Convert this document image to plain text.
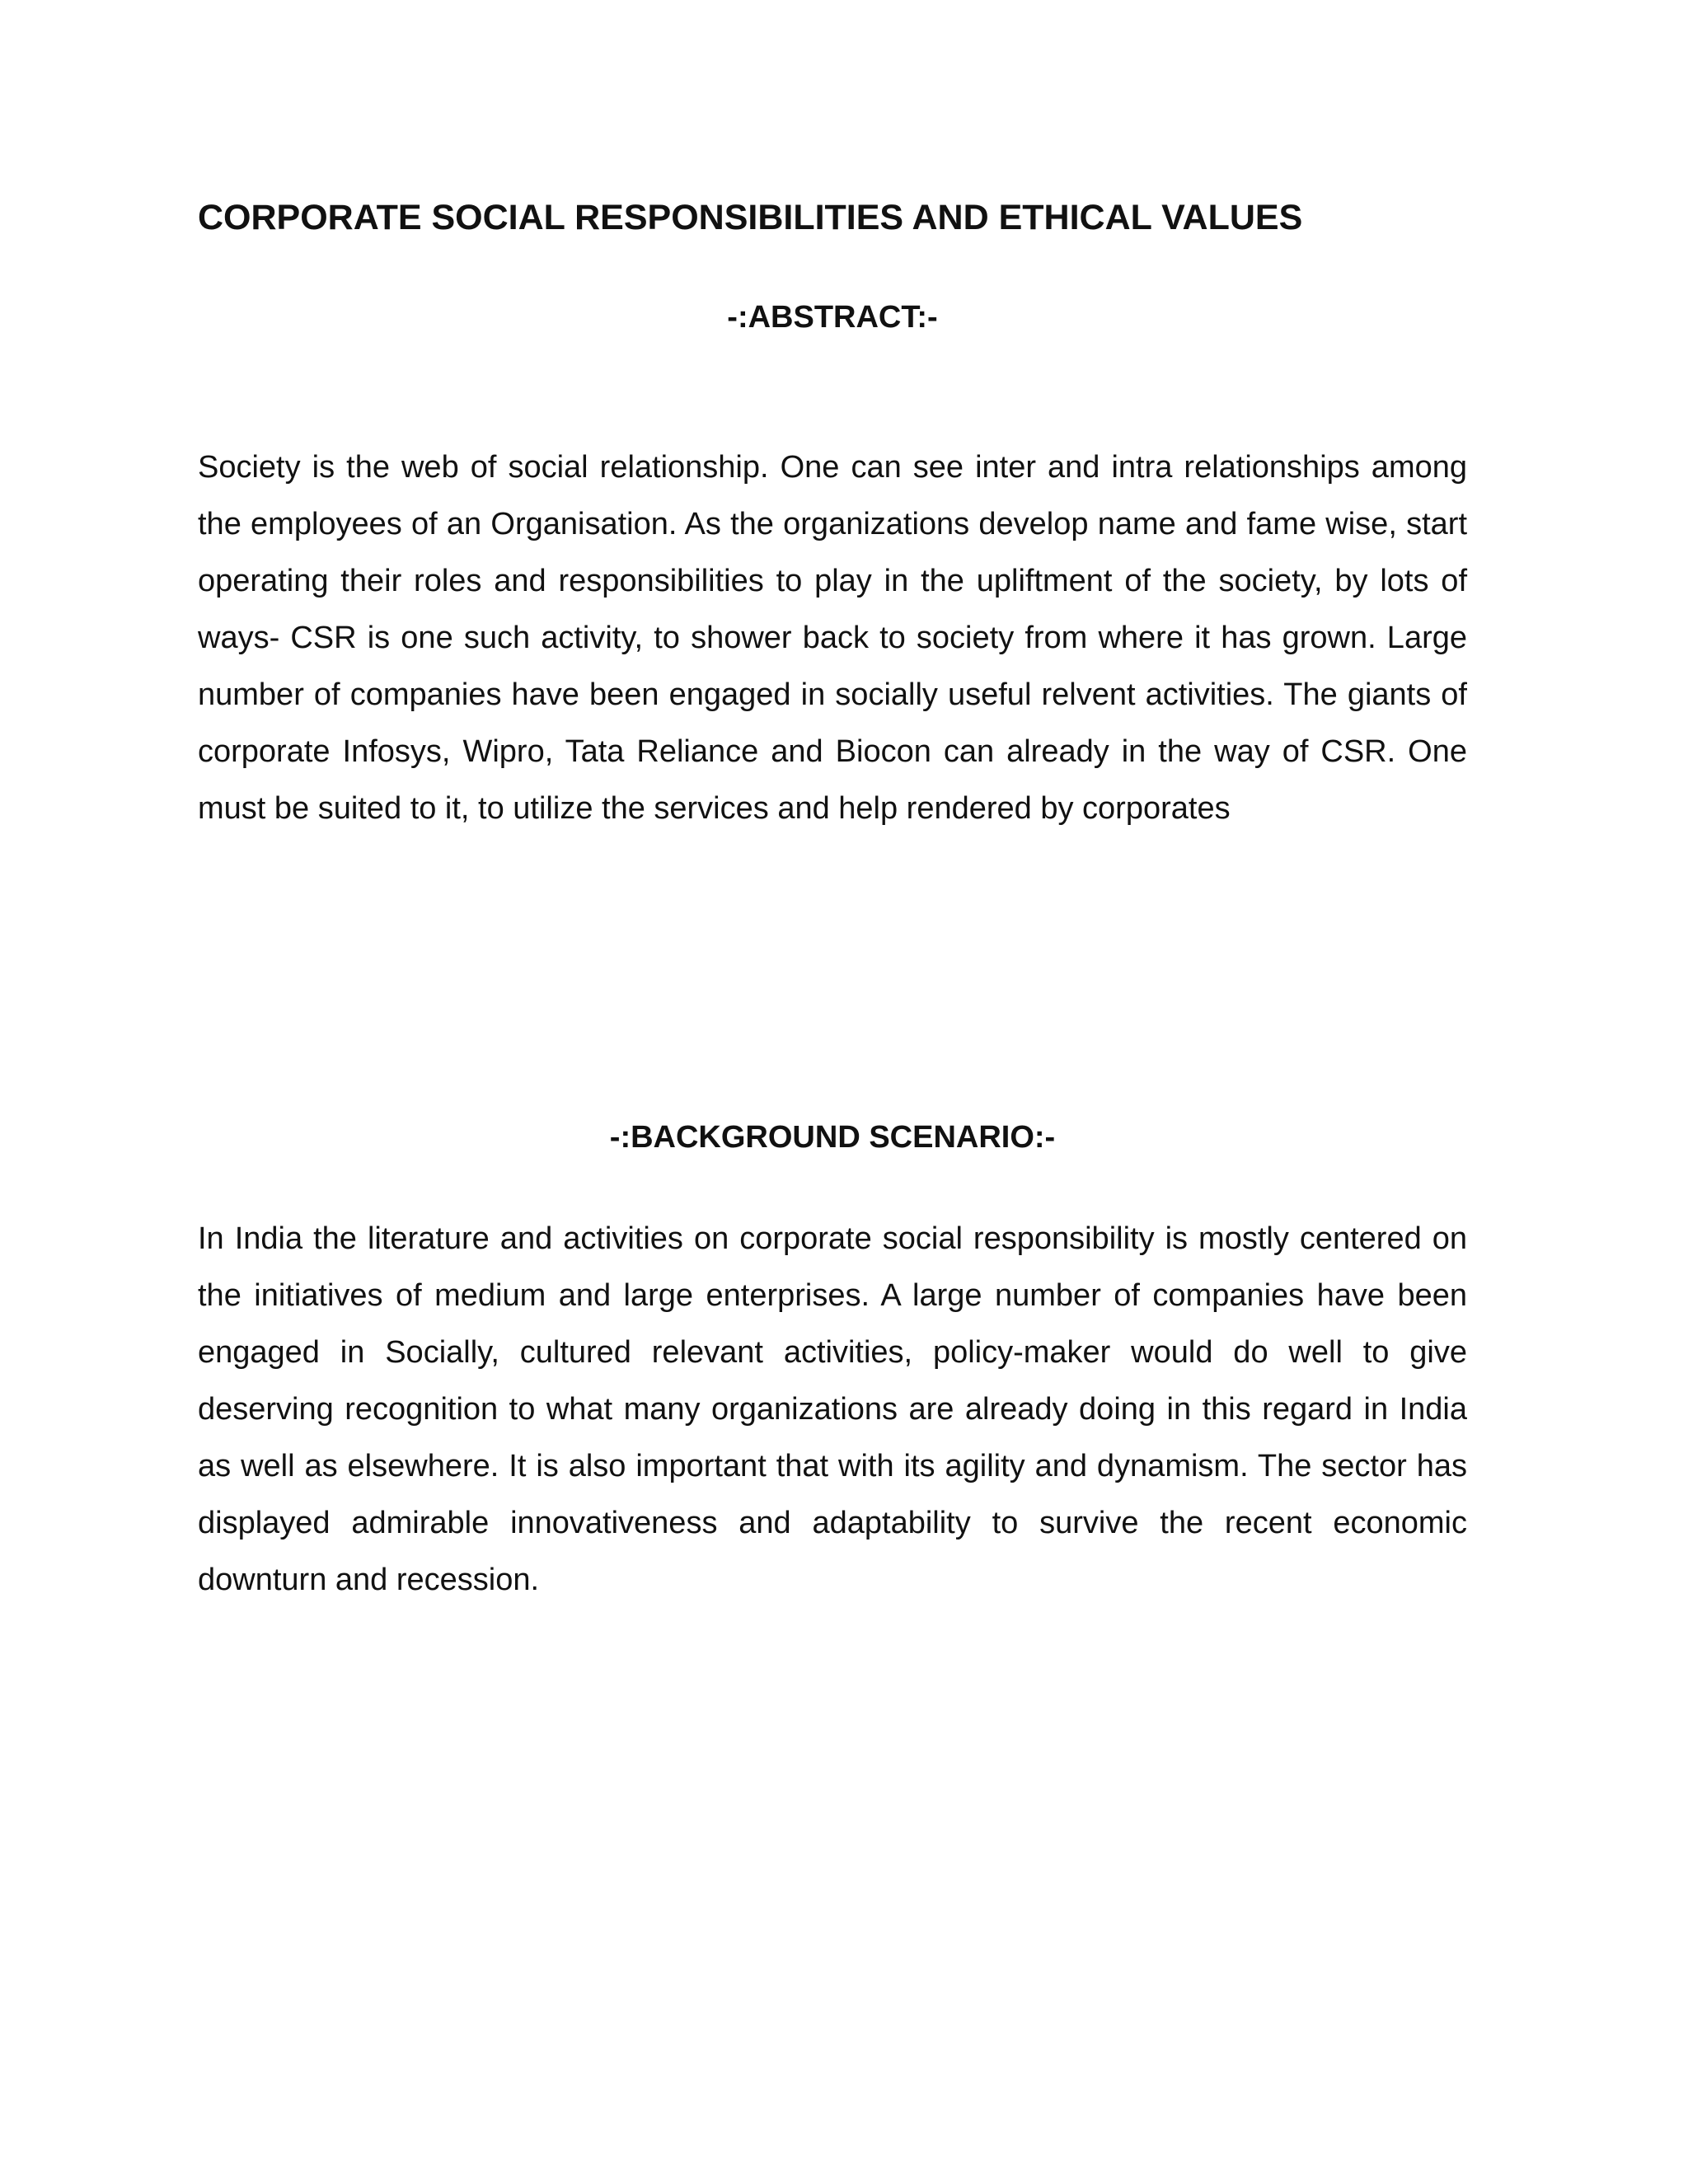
CORPORATE SOCIAL RESPONSIBILITIES AND ETHICAL VALUES
-:ABSTRACT:-

Society is the web of social relationship. One can see inter and intra relationships among the employees of an Organisation. As the organizations develop name and fame wise, start operating their roles and responsibilities to play in the upliftment of the society, by lots of ways- CSR is one such activity, to shower back to society from where it has grown. Large number of companies have been engaged in socially useful relvent activities. The giants of corporate Infosys, Wipro, Tata Reliance and Biocon can already in the way of CSR. One must be suited to it, to utilize the services and help rendered by corporates

-:BACKGROUND SCENARIO:-

In India the literature and activities on corporate social responsibility is mostly centered on the initiatives of medium and large enterprises. A large number of companies have been engaged in Socially, cultured relevant activities, policy-maker would do well to give deserving recognition to what many organizations are already doing in this regard in India as well as elsewhere. It is also important that with its agility and dynamism. The sector has displayed admirable innovativeness and adaptability to survive the recent economic downturn and recession.
